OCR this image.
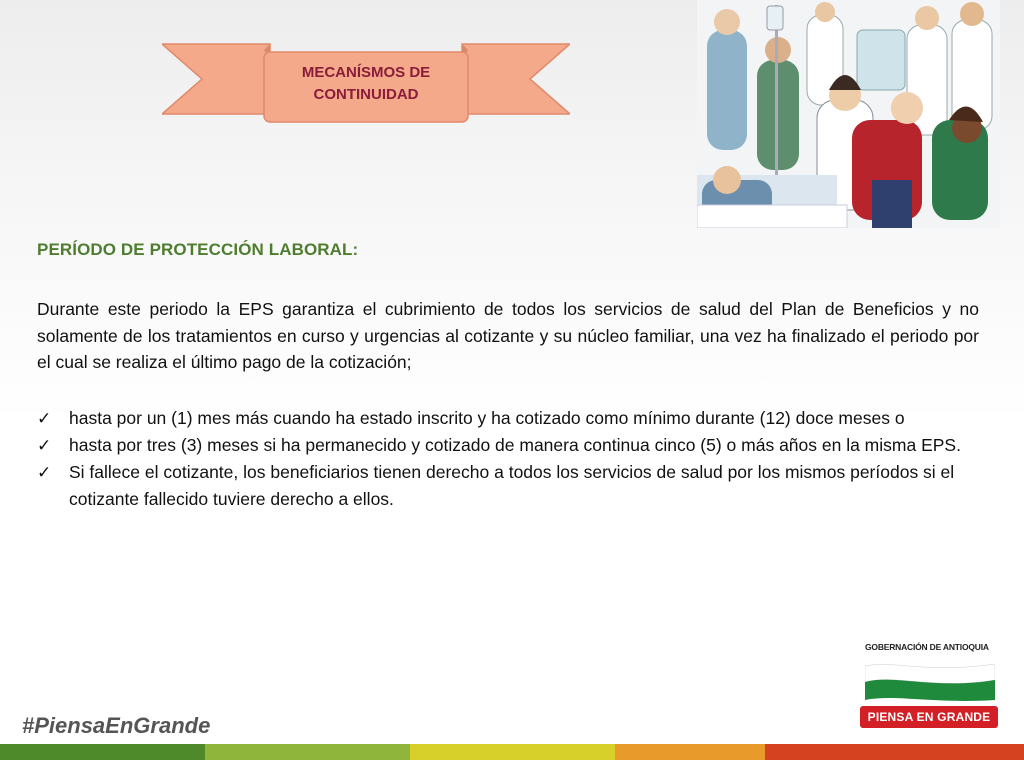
MECANÍSMOS DE
CONTINUIDAD
PERÍODO DE PROTECCIÓN LABORAL:
Durante este periodo la EPS garantiza el cubrimiento de todos los servicios de salud del Plan de Beneficios y no solamente de los tratamientos en curso y urgencias al cotizante y su núcleo familiar, una vez ha finalizado el periodo por el cual se realiza el último pago de la cotización;
✓ hasta por un (1) mes más cuando ha estado inscrito y ha cotizado como mínimo durante (12) doce meses o
✓ hasta por tres (3) meses si ha permanecido y cotizado de manera continua cinco (5) o más años en la misma EPS.
✓ Si fallece el cotizante, los beneficiarios tienen derecho a todos los servicios de salud por los mismos períodos si el cotizante fallecido tuviere derecho a ellos.
GOBERNACIÓN DE ANTIOQUIA
PIENSA EN GRANDE
#PiensaEnGrande
